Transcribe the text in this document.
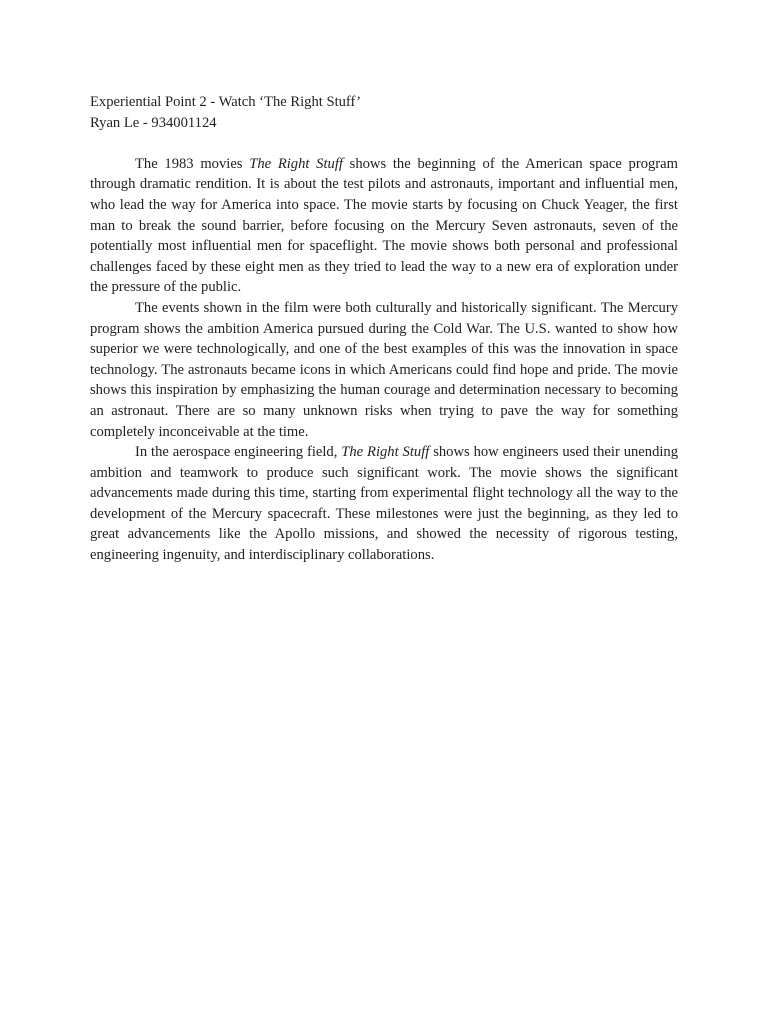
Experiential Point 2 - Watch ‘The Right Stuff’

Ryan Le - 934001124

The 1983 movies The Right Stuff shows the beginning of the American space program through dramatic rendition. It is about the test pilots and astronauts, important and influential men, who lead the way for America into space. The movie starts by focusing on Chuck Yeager, the first man to break the sound barrier, before focusing on the Mercury Seven astronauts, seven of the potentially most influential men for spaceflight. The movie shows both personal and professional challenges faced by these eight men as they tried to lead the way to a new era of exploration under the pressure of the public.

The events shown in the film were both culturally and historically significant. The Mercury program shows the ambition America pursued during the Cold War. The U.S. wanted to show how superior we were technologically, and one of the best examples of this was the innovation in space technology. The astronauts became icons in which Americans could find hope and pride. The movie shows this inspiration by emphasizing the human courage and determination necessary to becoming an astronaut. There are so many unknown risks when trying to pave the way for something completely inconceivable at the time.

In the aerospace engineering field, The Right Stuff shows how engineers used their unending ambition and teamwork to produce such significant work. The movie shows the significant advancements made during this time, starting from experimental flight technology all the way to the development of the Mercury spacecraft. These milestones were just the beginning, as they led to great advancements like the Apollo missions, and showed the necessity of rigorous testing, engineering ingenuity, and interdisciplinary collaborations.
